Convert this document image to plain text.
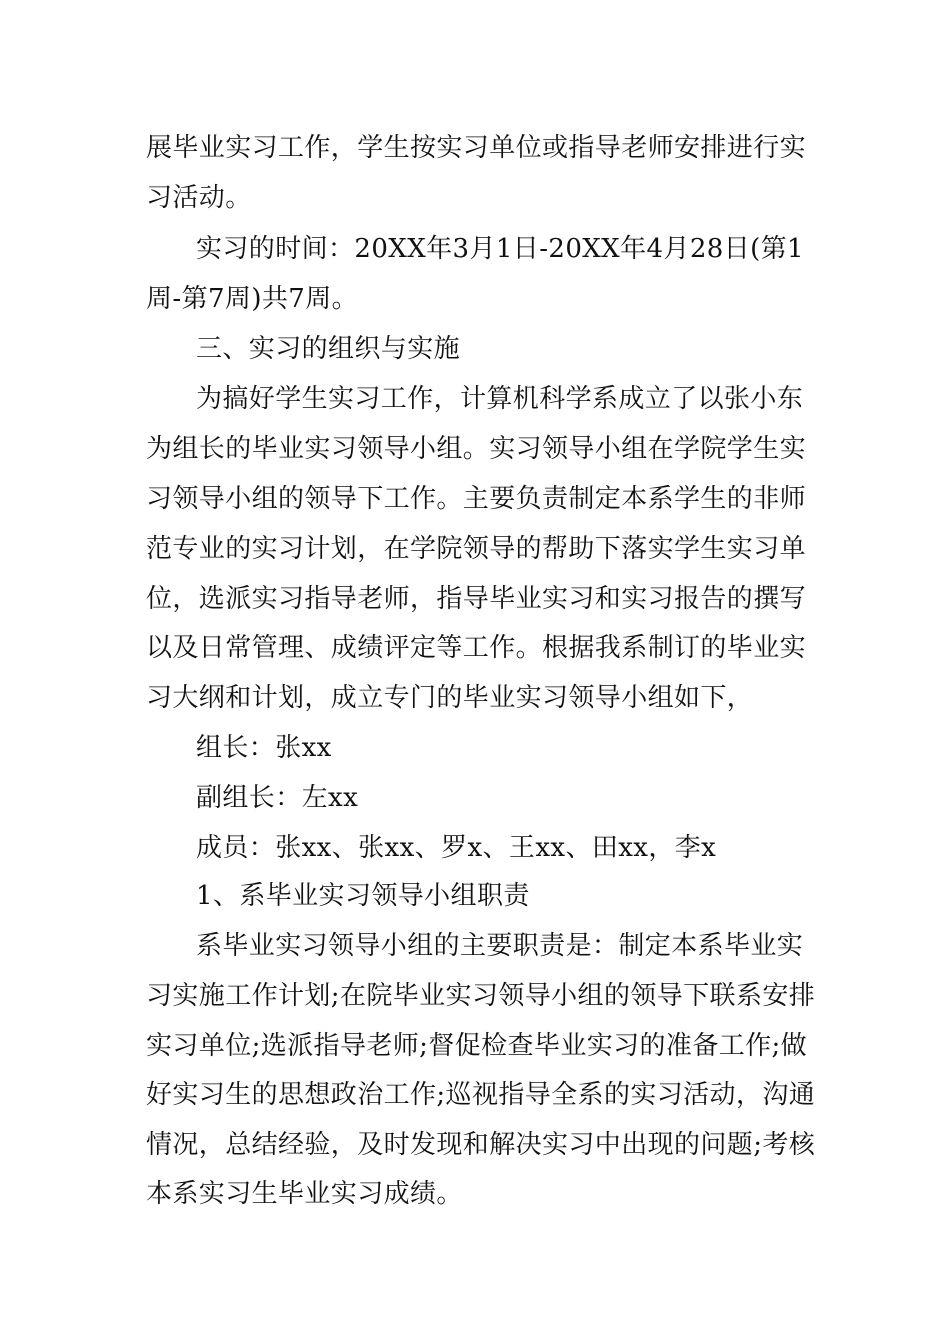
展毕业实习工作，学生按实习单位或指导老师安排进行实
习活动。
实习的时间：20XX年3月1日-20XX年4月28日(第1
周-第7周)共7周。
三、实习的组织与实施
为搞好学生实习工作，计算机科学系成立了以张小东
为组长的毕业实习领导小组。实习领导小组在学院学生实
习领导小组的领导下工作。主要负责制定本系学生的非师
范专业的实习计划，在学院领导的帮助下落实学生实习单
位，选派实习指导老师，指导毕业实习和实习报告的撰写
以及日常管理、成绩评定等工作。根据我系制订的毕业实
习大纲和计划，成立专门的毕业实习领导小组如下，
组长：张xx
副组长：左xx
成员：张xx、张xx、罗x、王xx、田xx，李x
1、系毕业实习领导小组职责
系毕业实习领导小组的主要职责是：制定本系毕业实
习实施工作计划;在院毕业实习领导小组的领导下联系安排
实习单位;选派指导老师;督促检查毕业实习的准备工作;做
好实习生的思想政治工作;巡视指导全系的实习活动，沟通
情况，总结经验，及时发现和解决实习中出现的问题;考核
本系实习生毕业实习成绩。
